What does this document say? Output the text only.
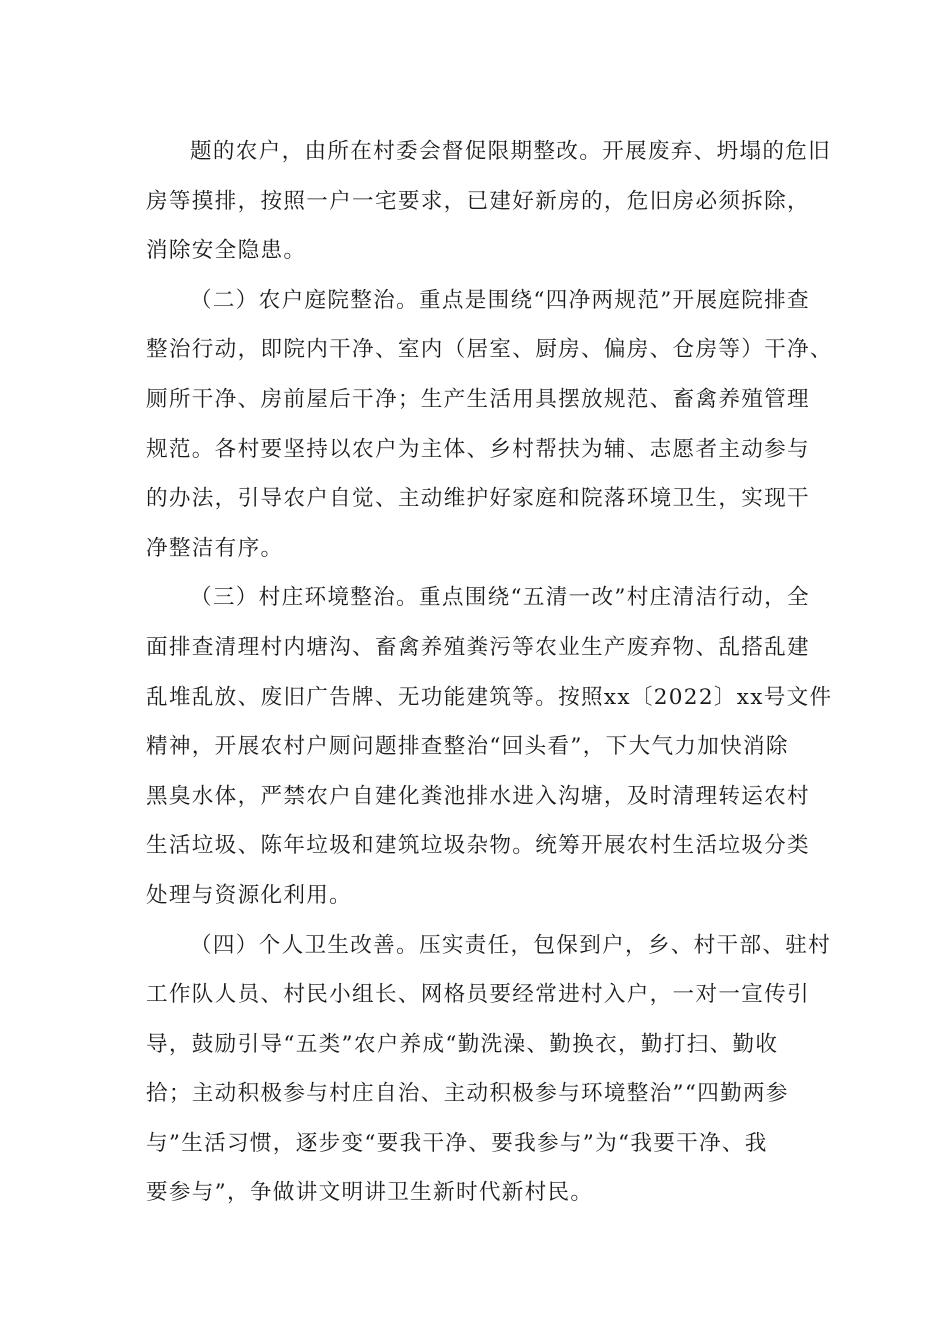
题的农户，由所在村委会督促限期整改。开展废弃、坍塌的危旧
房等摸排，按照一户一宅要求，已建好新房的，危旧房必须拆除，
消除安全隐患。
（二）农户庭院整治。重点是围绕“四净两规范”开展庭院排查
整治行动，即院内干净、室内（居室、厨房、偏房、仓房等）干净、
厕所干净、房前屋后干净；生产生活用具摆放规范、畜禽养殖管理
规范。各村要坚持以农户为主体、乡村帮扶为辅、志愿者主动参与
的办法，引导农户自觉、主动维护好家庭和院落环境卫生，实现干
净整洁有序。
（三）村庄环境整治。重点围绕“五清一改”村庄清洁行动，全
面排查清理村内塘沟、畜禽养殖粪污等农业生产废弃物、乱搭乱建
乱堆乱放、废旧广告牌、无功能建筑等。按照xx〔2022〕xx号文件
精神，开展农村户厕问题排查整治“回头看”，下大气力加快消除
黑臭水体，严禁农户自建化粪池排水进入沟塘，及时清理转运农村
生活垃圾、陈年垃圾和建筑垃圾杂物。统筹开展农村生活垃圾分类
处理与资源化利用。
（四）个人卫生改善。压实责任，包保到户，乡、村干部、驻村
工作队人员、村民小组长、网格员要经常进村入户，一对一宣传引
导，鼓励引导“五类”农户养成“勤洗澡、勤换衣，勤打扫、勤收
拾；主动积极参与村庄自治、主动积极参与环境整治”“四勤两参
与”生活习惯，逐步变“要我干净、要我参与”为“我要干净、我
要参与”，争做讲文明讲卫生新时代新村民。
